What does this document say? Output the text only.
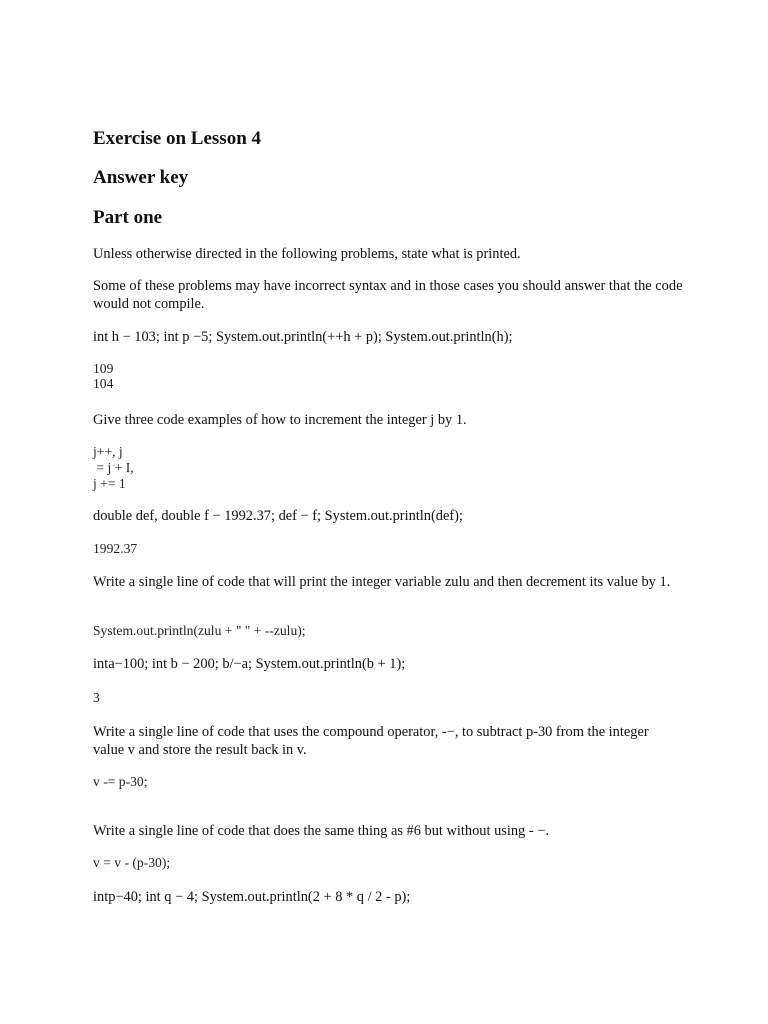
Exercise on Lesson 4
Answer key
Part one
Unless otherwise directed in the following problems, state what is printed.
Some of these problems may have incorrect syntax and in those cases you should answer that the code would not compile.
int h − 103; int p −5; System.out.println(++h + p); System.out.println(h);
109
104
Give three code examples of how to increment the integer j by 1.
j++, j
= j + I,
j += 1
double def, double f − 1992.37; def − f; System.out.println(def);
1992.37
Write a single line of code that will print the integer variable zulu and then decrement its value by 1.
System.out.println(zulu + " " + --zulu);
inta−100; int b − 200; b/−a; System.out.println(b + 1);
3
Write a single line of code that uses the compound operator, -−, to subtract p-30 from the integer value v and store the result back in v.
v -= p-30;
Write a single line of code that does the same thing as #6 but without using - −.
v = v - (p-30);
intp−40; int q − 4; System.out.println(2 + 8 * q / 2 - p);
